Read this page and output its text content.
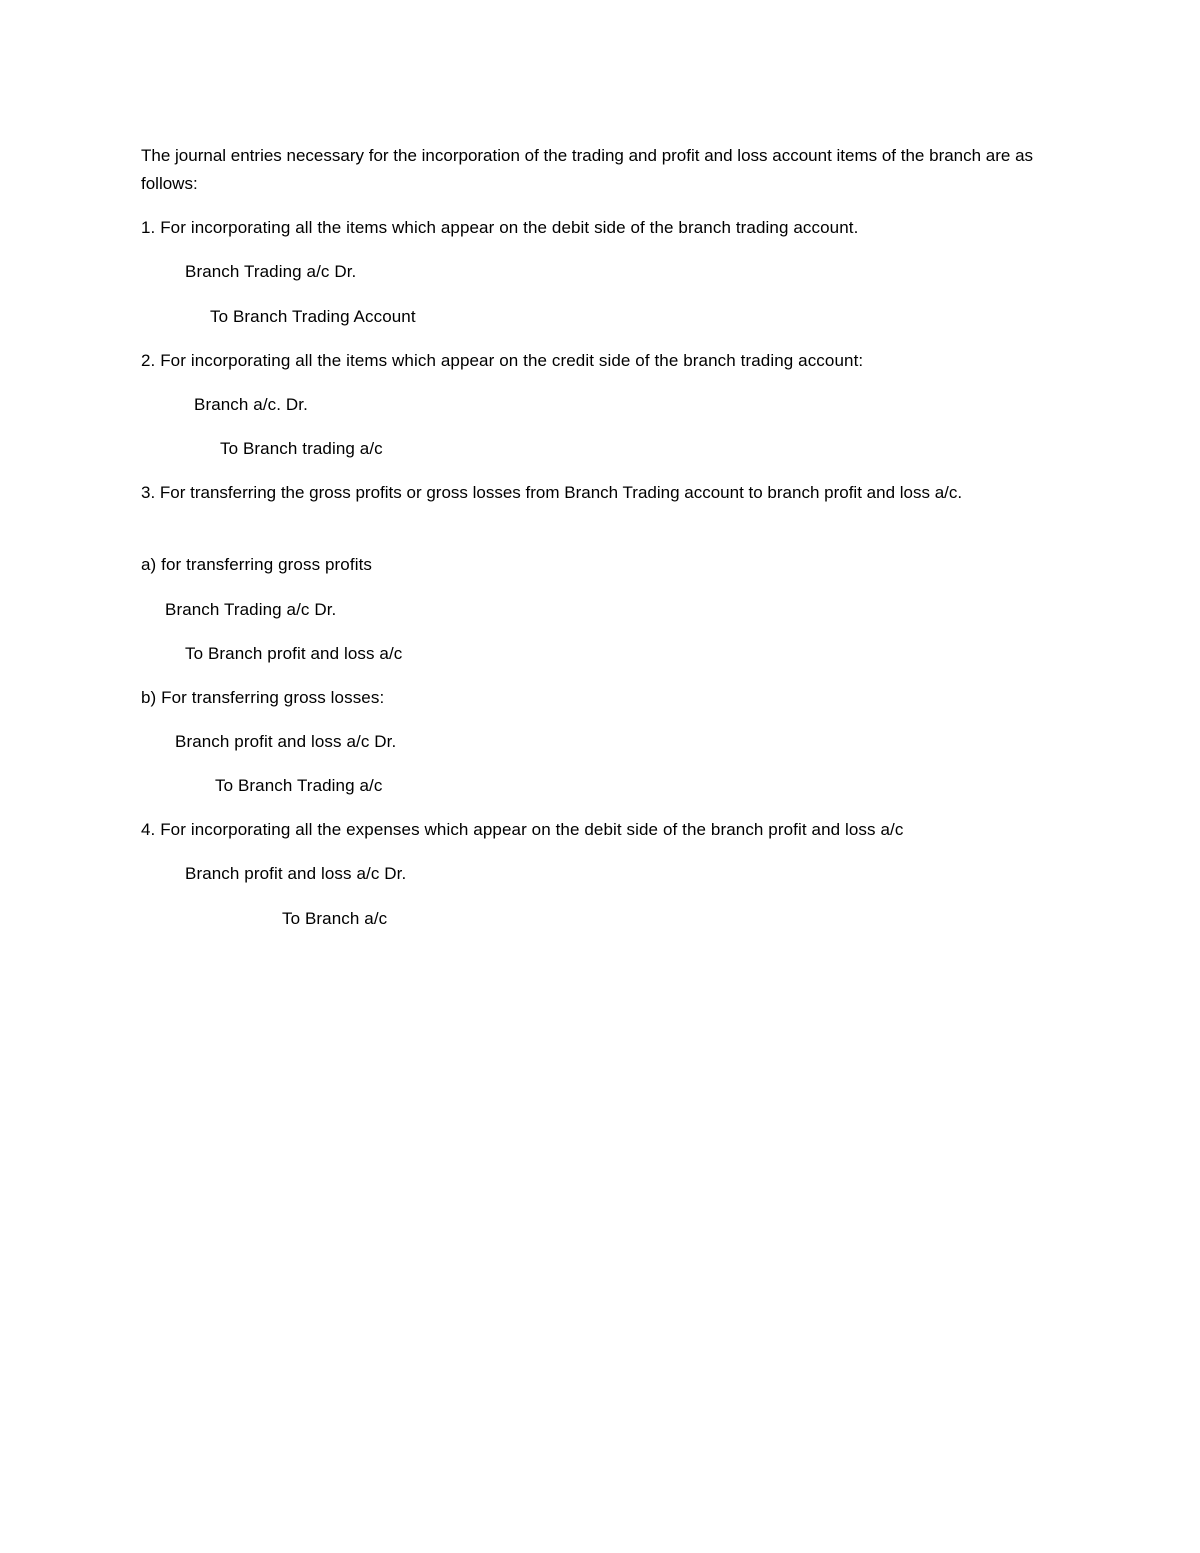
The journal entries necessary for the incorporation of the trading and profit and loss account items of the branch are as follows:
1. For incorporating all the items which appear on the debit side of the branch trading account.
Branch Trading a/c Dr.
To Branch Trading Account
2. For incorporating all the items which appear on the credit side of the branch trading account:
Branch a/c. Dr.
To Branch trading a/c
3. For transferring the gross profits or gross losses from Branch Trading account to branch profit and loss a/c.
a) for transferring gross profits
Branch Trading a/c Dr.
To Branch profit and loss a/c
b) For transferring gross losses:
Branch profit and loss a/c Dr.
To Branch Trading a/c
4. For incorporating all the expenses which appear on the debit side of the branch profit and loss a/c
Branch profit and loss a/c Dr.
To Branch a/c
